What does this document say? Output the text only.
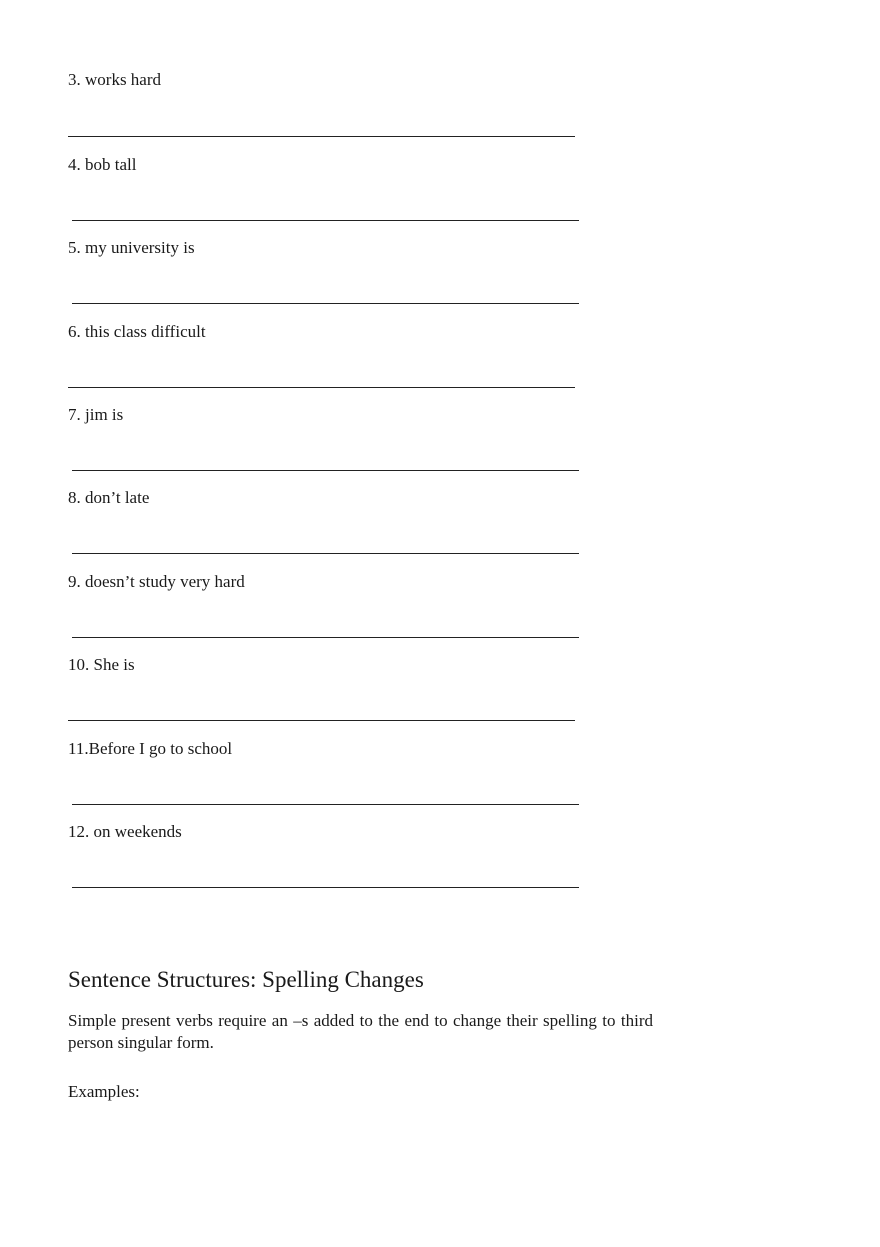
3. works hard
4. bob tall
5. my university is
6. this class difficult
7. jim is
8. don’t late
9. doesn’t study very hard
10. She is
11.Before I go to school
12. on weekends
Sentence Structures: Spelling Changes
Simple present verbs require an –s added to the end to change their spelling to third person singular form.
Examples:
